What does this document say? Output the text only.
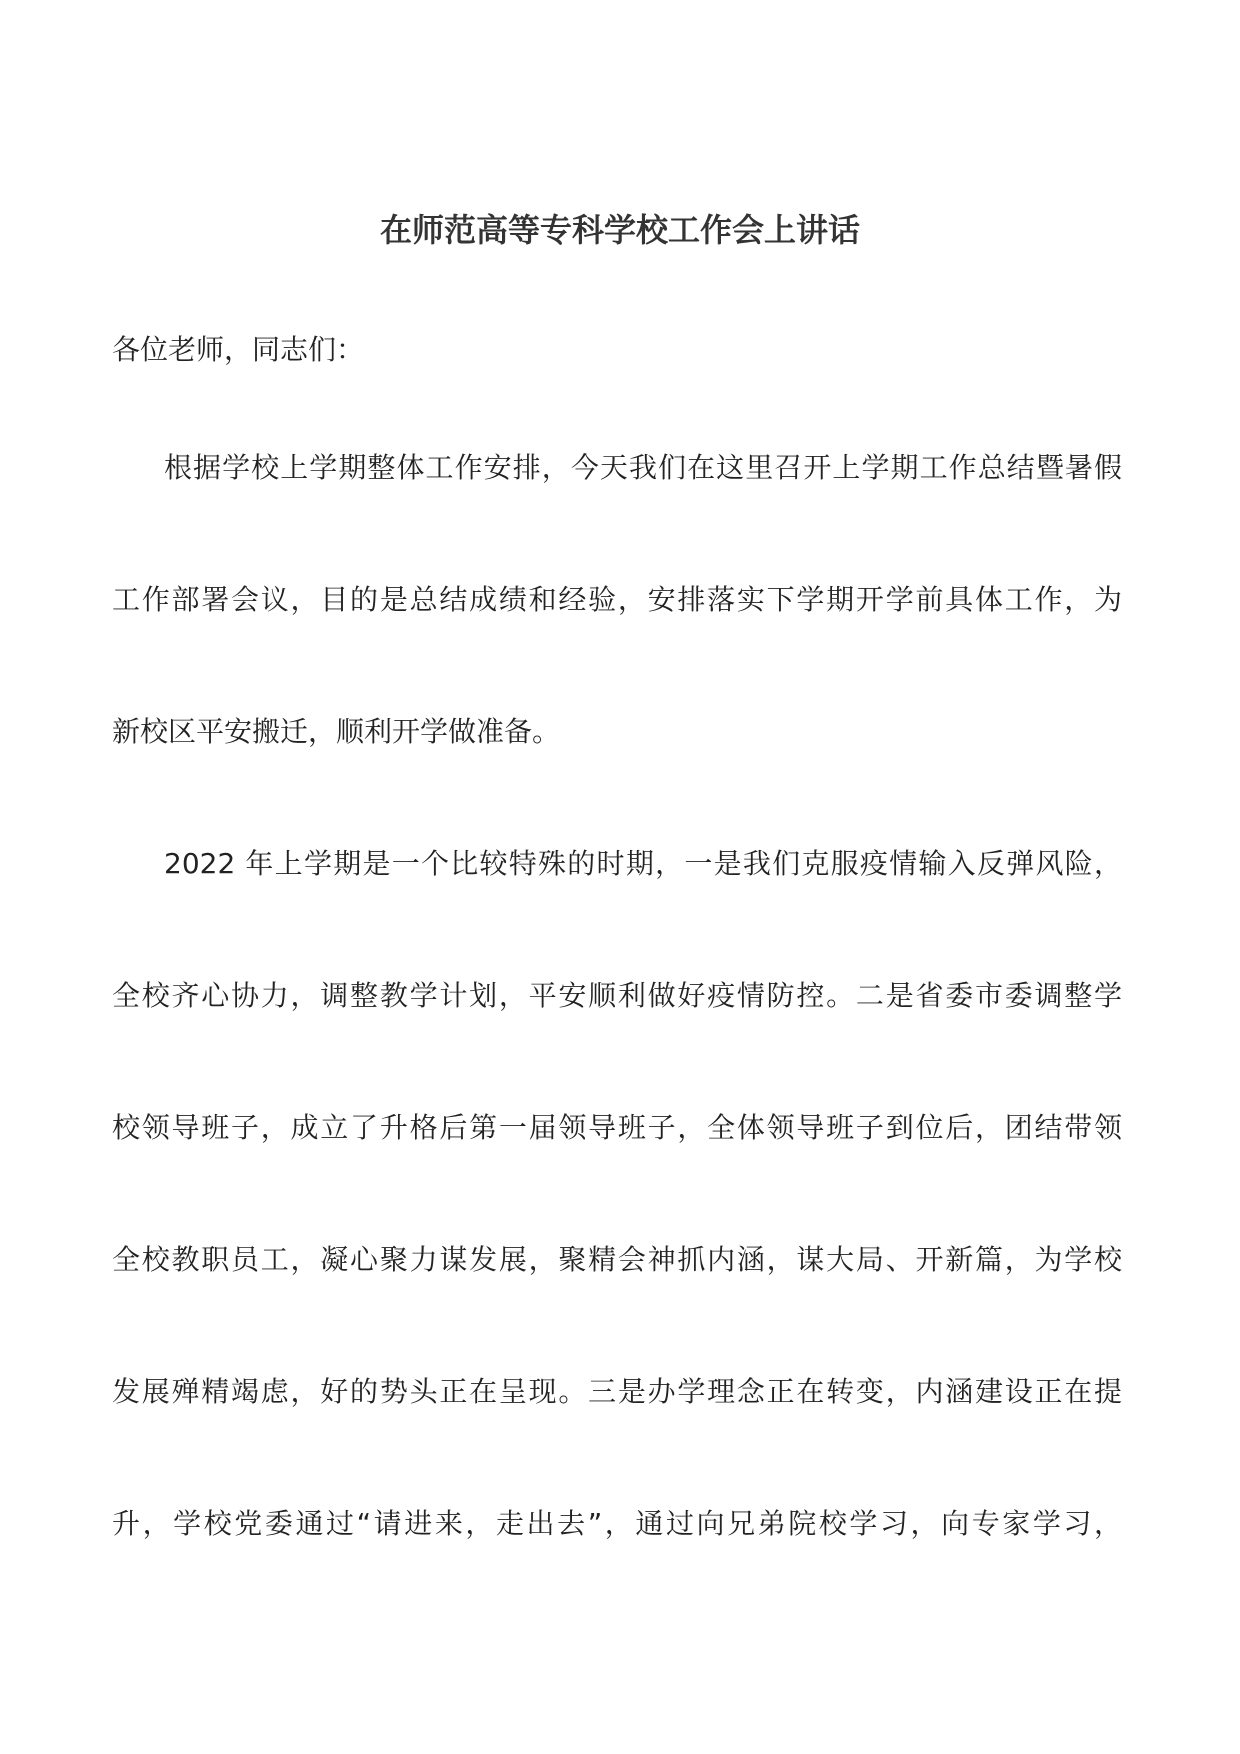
在师范高等专科学校工作会上讲话

各位老师，同志们：

根据学校上学期整体工作安排，今天我们在这里召开上学期工作总结暨暑假
工作部署会议，目的是总结成绩和经验，安排落实下学期开学前具体工作，为
新校区平安搬迁，顺利开学做准备。
2022 年上学期是一个比较特殊的时期，一是我们克服疫情输入反弹风险，
全校齐心协力，调整教学计划，平安顺利做好疫情防控。二是省委市委调整学
校领导班子，成立了升格后第一届领导班子，全体领导班子到位后，团结带领
全校教职员工，凝心聚力谋发展，聚精会神抓内涵，谋大局、开新篇，为学校
发展殚精竭虑，好的势头正在呈现。三是办学理念正在转变，内涵建设正在提
升，学校党委通过“请进来，走出去”，通过向兄弟院校学习，向专家学习，
